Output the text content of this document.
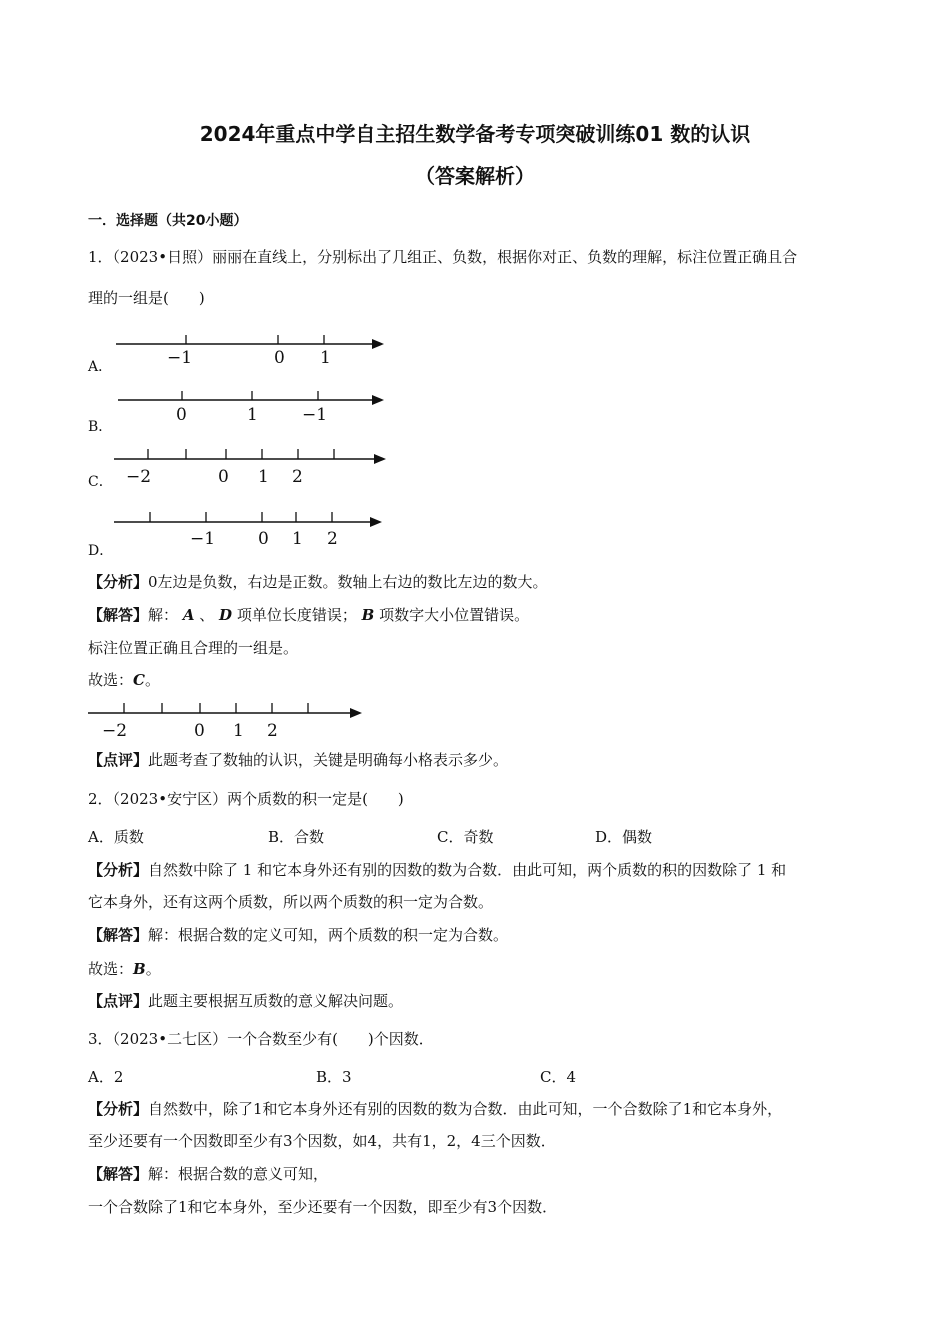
2024年重点中学自主招生数学备考专项突破训练01 数的认识
（答案解析）
一．选择题（共20小题）
1．（2023•日照）丽丽在直线上，分别标出了几组正、负数，根据你对正、负数的理解，标注位置正确且合
理的一组是(　　)
A．	−1	0 1
B．
0	1	−1
C． −2	0 1 2
D．
−1	0 1 2
【分析】0左边是负数，右边是正数。数轴上右边的数比左边的数大。
【解答】解： A 、 D 项单位长度错误； B 项数字大小位置错误。
标注位置正确且合理的一组是。
故选：C。
−2	0 1 2
【点评】此题考查了数轴的认识，关键是明确每小格表示多少。
2．（2023•安宁区）两个质数的积一定是(　　)
A．质数	B．合数	C．奇数	D．偶数
【分析】自然数中除了 1 和它本身外还有别的因数的数为合数．由此可知，两个质数的积的因数除了 1 和
它本身外，还有这两个质数，所以两个质数的积一定为合数。
【解答】解：根据合数的定义可知，两个质数的积一定为合数。
故选：B。
【点评】此题主要根据互质数的意义解决问题。
3．（2023•二七区）一个合数至少有(　　)个因数．
A．2	B．3	C．4
【分析】自然数中，除了1和它本身外还有别的因数的数为合数．由此可知，一个合数除了1和它本身外，
至少还要有一个因数即至少有3个因数，如4，共有1，2，4三个因数．
【解答】解：根据合数的意义可知，
一个合数除了1和它本身外，至少还要有一个因数，即至少有3个因数．
